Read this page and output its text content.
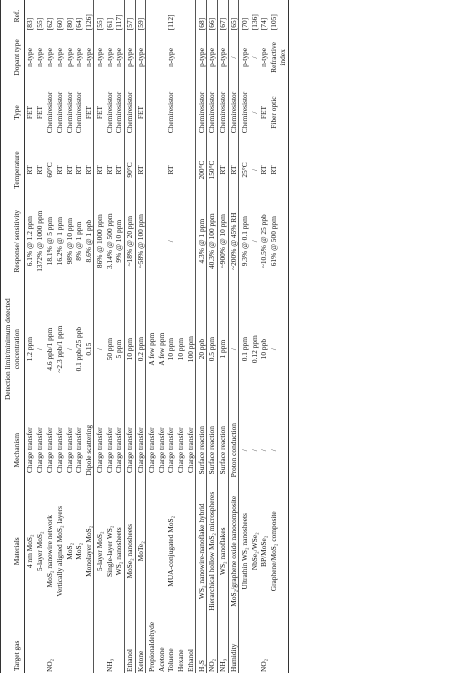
Target gas	Materials	Mechanism	Detection limit/minimum detected concentration	Response/ sensitivity	Temperature	Type	Dopant type	Ref.
	4 nm MoS₂	Charge transfer	1.2 ppm	6.1% @ 1.2 ppm	RT	FET	n-type	[83]
	5-layer MoS₂	Charge transfer	/	1372% @ 1000 ppm	RT	FET	n-type	[55]
NO₂	MoS₂ nanowire network	Charge transfer	4.6 ppb/1 ppm	18.1% @ 5 ppm	60°C	Chemiresistor	n-type	[62]
	Vertically aligned MoS₂ layers	Charge transfer	~2.3 ppb/1 ppm	16.2% @ 1 ppm	RT	Chemiresistor	n-type	[60]
	MoS₂	Charge transfer	/	98% @ 10 ppm	RT	Chemiresistor	p-type	[80]
	MoS₂	Charge transfer	0.1 ppb/25 ppb	8% @ 1 ppm	RT	Chemiresistor	n-type	[64]
	Monolayer MoS₂	Dipole scattering	0.15	8.6% @ 1 ppb	RT	FET	n-type	[126]
	5-layer MoS₂	Charge transfer	/	86% @ 1000 ppm	RT	FET	n-type	[55]
NH₃	Single-layer WS₂	Charge transfer	50 ppm	3.14% @ 500 ppm	RT	Chemiresistor	n-type	[61]
	WS₂ nanosheets	Charge transfer	5 ppm	9% @ 10 ppm	RT	Chemiresistor	n-type	[117]
Ethanol	MoSe₂ nanosheets	Charge transfer	10 ppm	~18% @ 20 ppm	90°C	Chemiresistor	p-type	[57]
Ketone	MoTe₂	Charge transfer	0.2 ppm	~58% @ 100 ppm	RT	FET	p-type	[59]
Propionaldehyde		Charge transfer	A few ppm					
Acetone		Charge transfer	A few ppm					
Toluene	MUA-conjugated MoS₂	Charge transfer	10 ppm	/	RT	Chemiresistor	n-type	[112]
Hexane		Charge transfer	10 ppm					
Ethanol		Charge transfer	100 ppm					
H₂S	WS₂ nanowire-nanoflake hybrid	Surface reaction	20 ppb	4.3% @ 1 ppm	200°C	Chemiresistor	p-type	[68]
NO₂	Hierarchical hollow MoS₂ microspheres	Surface reaction	0.5 ppm	40.3% @ 100 ppm	150°C	Chemiresistor	p-type	[66]
NH₃	WS₂ nanoflakes	Surface reaction	1 ppm	~900% @ 10 ppm	RT	Chemiresistor	p-type	[67]
Humidity	MoS₂/graphene oxide nanocomposite	Proton conduction	/	~200% @ 45% RH	RT	Chemiresistor	/	[65]
	Ultrathin WS₂ nanosheets	/	0.1 ppm	9.3% @ 0.1 ppm	25°C	Chemiresistor	p-type	[70]
	NbSe₂/WSe₂	/	0.12 ppm	/	/	/	/	[136]
NO₂	BP/MoSe₂	/	10 ppb	~10.5% @ 25 ppb	RT	FET	n-type	[74]
	Graphene/MoS₂ composite	/	/	61% @ 500 ppm	RT	Fiber optic	Refractive index	[105]
